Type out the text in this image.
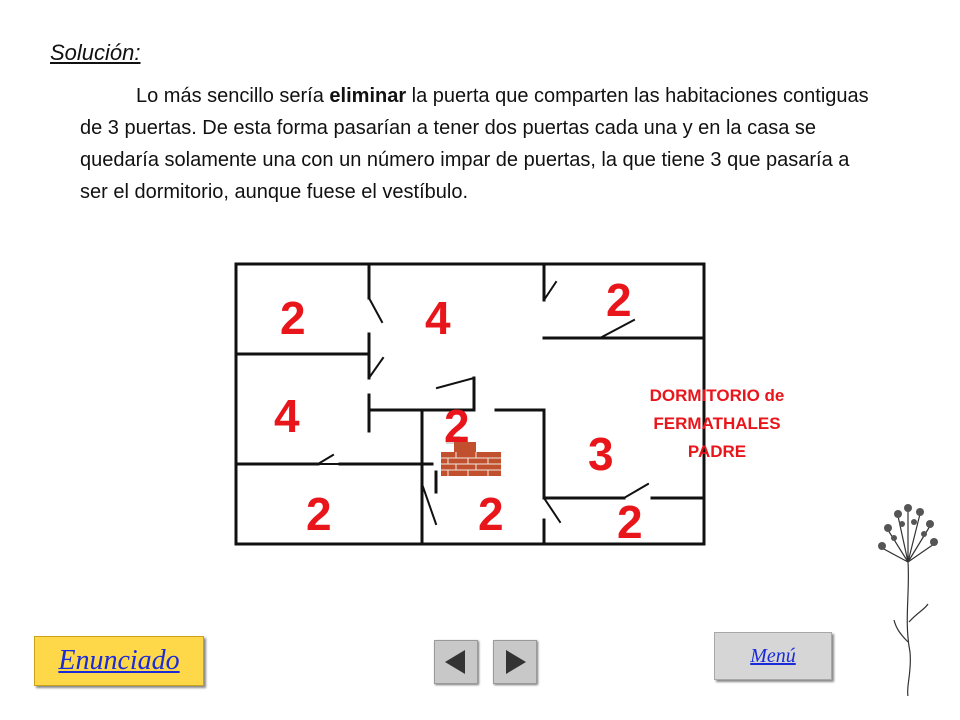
Solución:
Lo más sencillo sería eliminar la puerta que comparten las habitaciones contiguas de 3 puertas. De esta forma pasarían a tener dos puertas cada una y en la casa se quedaría solamente una con un número impar de puertas, la que tiene 3 que pasaría a ser el dormitorio, aunque fuese el vestíbulo.
2	4	2
4	2
3
2	2 2
DORMITORIO de
FERMATHALES
PADRE
Enunciado	Menú
